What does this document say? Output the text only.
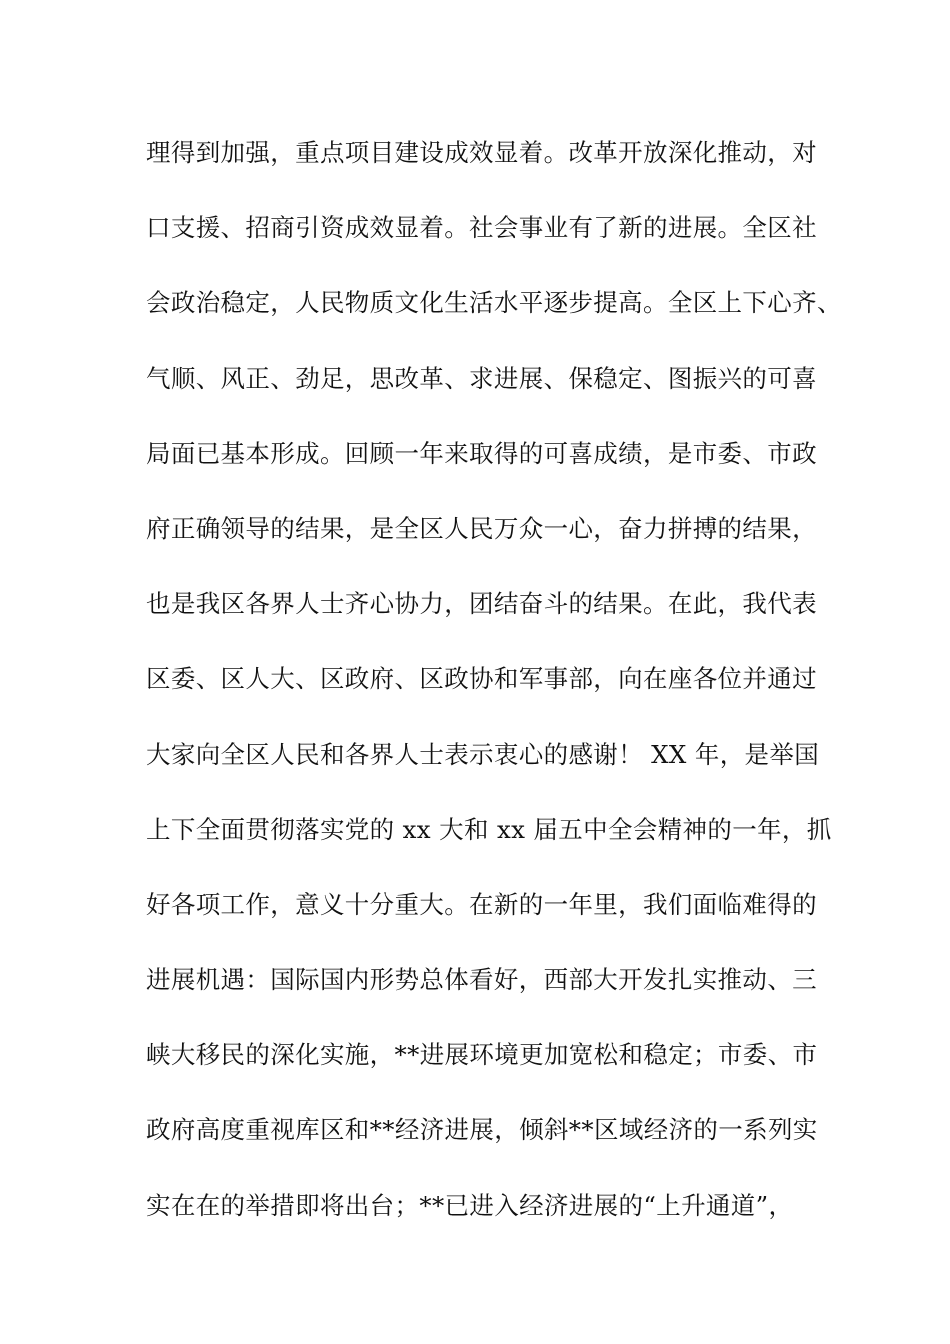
理得到加强，重点项目建设成效显着。改革开放深化推动，对
口支援、招商引资成效显着。社会事业有了新的进展。全区社
会政治稳定，人民物质文化生活水平逐步提高。全区上下心齐、
气顺、风正、劲足，思改革、求进展、保稳定、图振兴的可喜
局面已基本形成。回顾一年来取得的可喜成绩，是市委、市政
府正确领导的结果，是全区人民万众一心，奋力拼搏的结果，
也是我区各界人士齐心协力，团结奋斗的结果。在此，我代表
区委、区人大、区政府、区政协和军事部，向在座各位并通过
大家向全区人民和各界人士表示衷心的感谢！ XX 年，是举国
上下全面贯彻落实党的 xx 大和 xx 届五中全会精神的一年，抓
好各项工作，意义十分重大。在新的一年里，我们面临难得的
进展机遇：国际国内形势总体看好，西部大开发扎实推动、三
峡大移民的深化实施，**进展环境更加宽松和稳定；市委、市
政府高度重视库区和**经济进展，倾斜**区域经济的一系列实
实在在的举措即将出台；**已进入经济进展的“上升通道”，
